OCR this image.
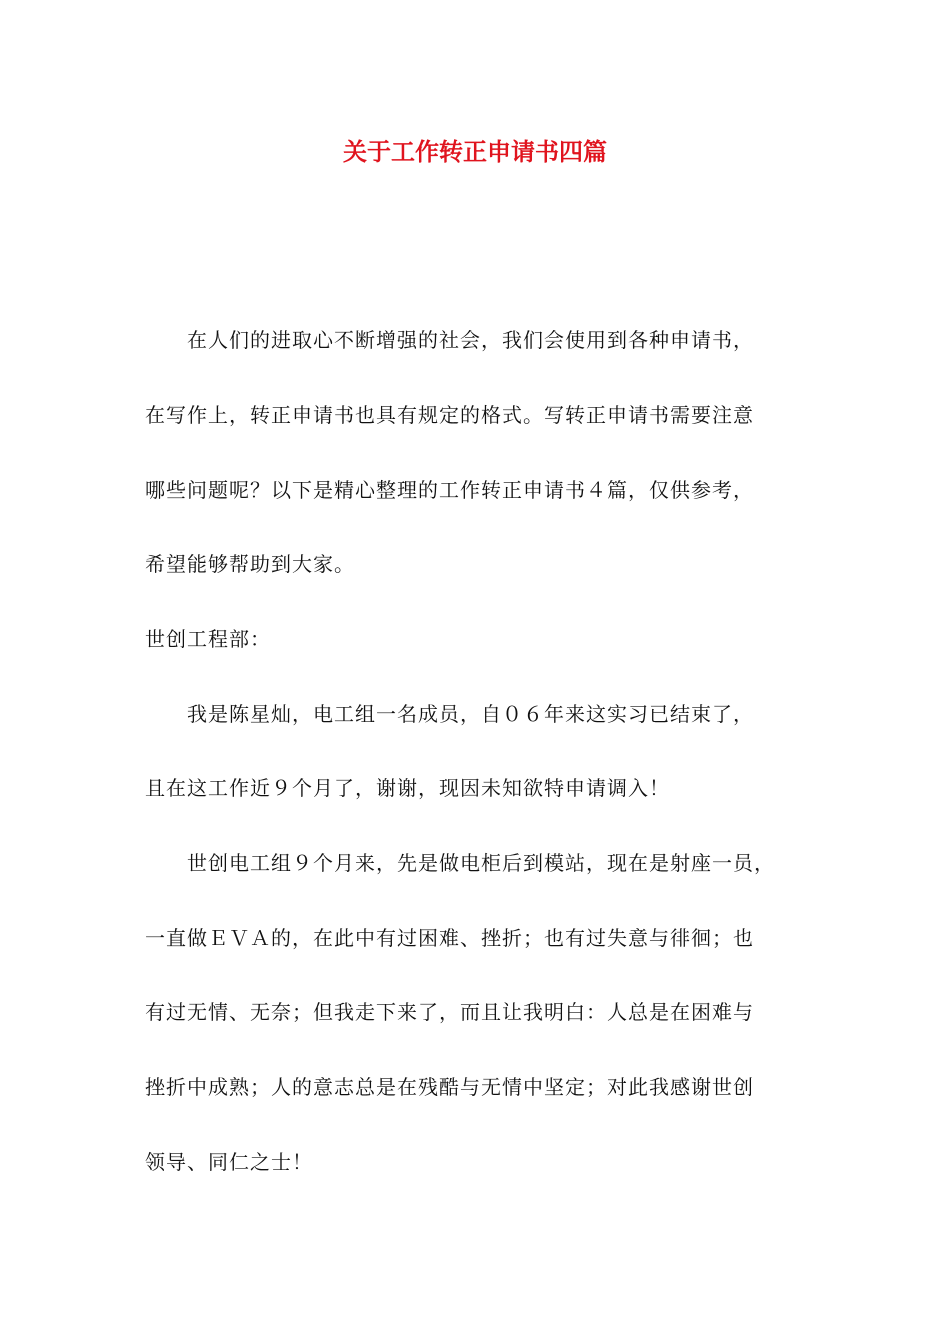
关于工作转正申请书四篇
　　在人们的进取心不断增强的社会，我们会使用到各种申请书，
在写作上，转正申请书也具有规定的格式。写转正申请书需要注意
哪些问题呢？以下是精心整理的工作转正申请书４篇，仅供参考，
希望能够帮助到大家。
世创工程部：
　　我是陈星灿，电工组一名成员，自０６年来这实习已结束了，
且在这工作近９个月了，谢谢，现因未知欲特申请调入！
　　世创电工组９个月来，先是做电柜后到模站，现在是射座一员，
一直做ＥＶＡ的，在此中有过困难、挫折；也有过失意与徘徊；也
有过无情、无奈；但我走下来了，而且让我明白：人总是在困难与
挫折中成熟；人的意志总是在残酷与无情中坚定；对此我感谢世创
领导、同仁之士！
